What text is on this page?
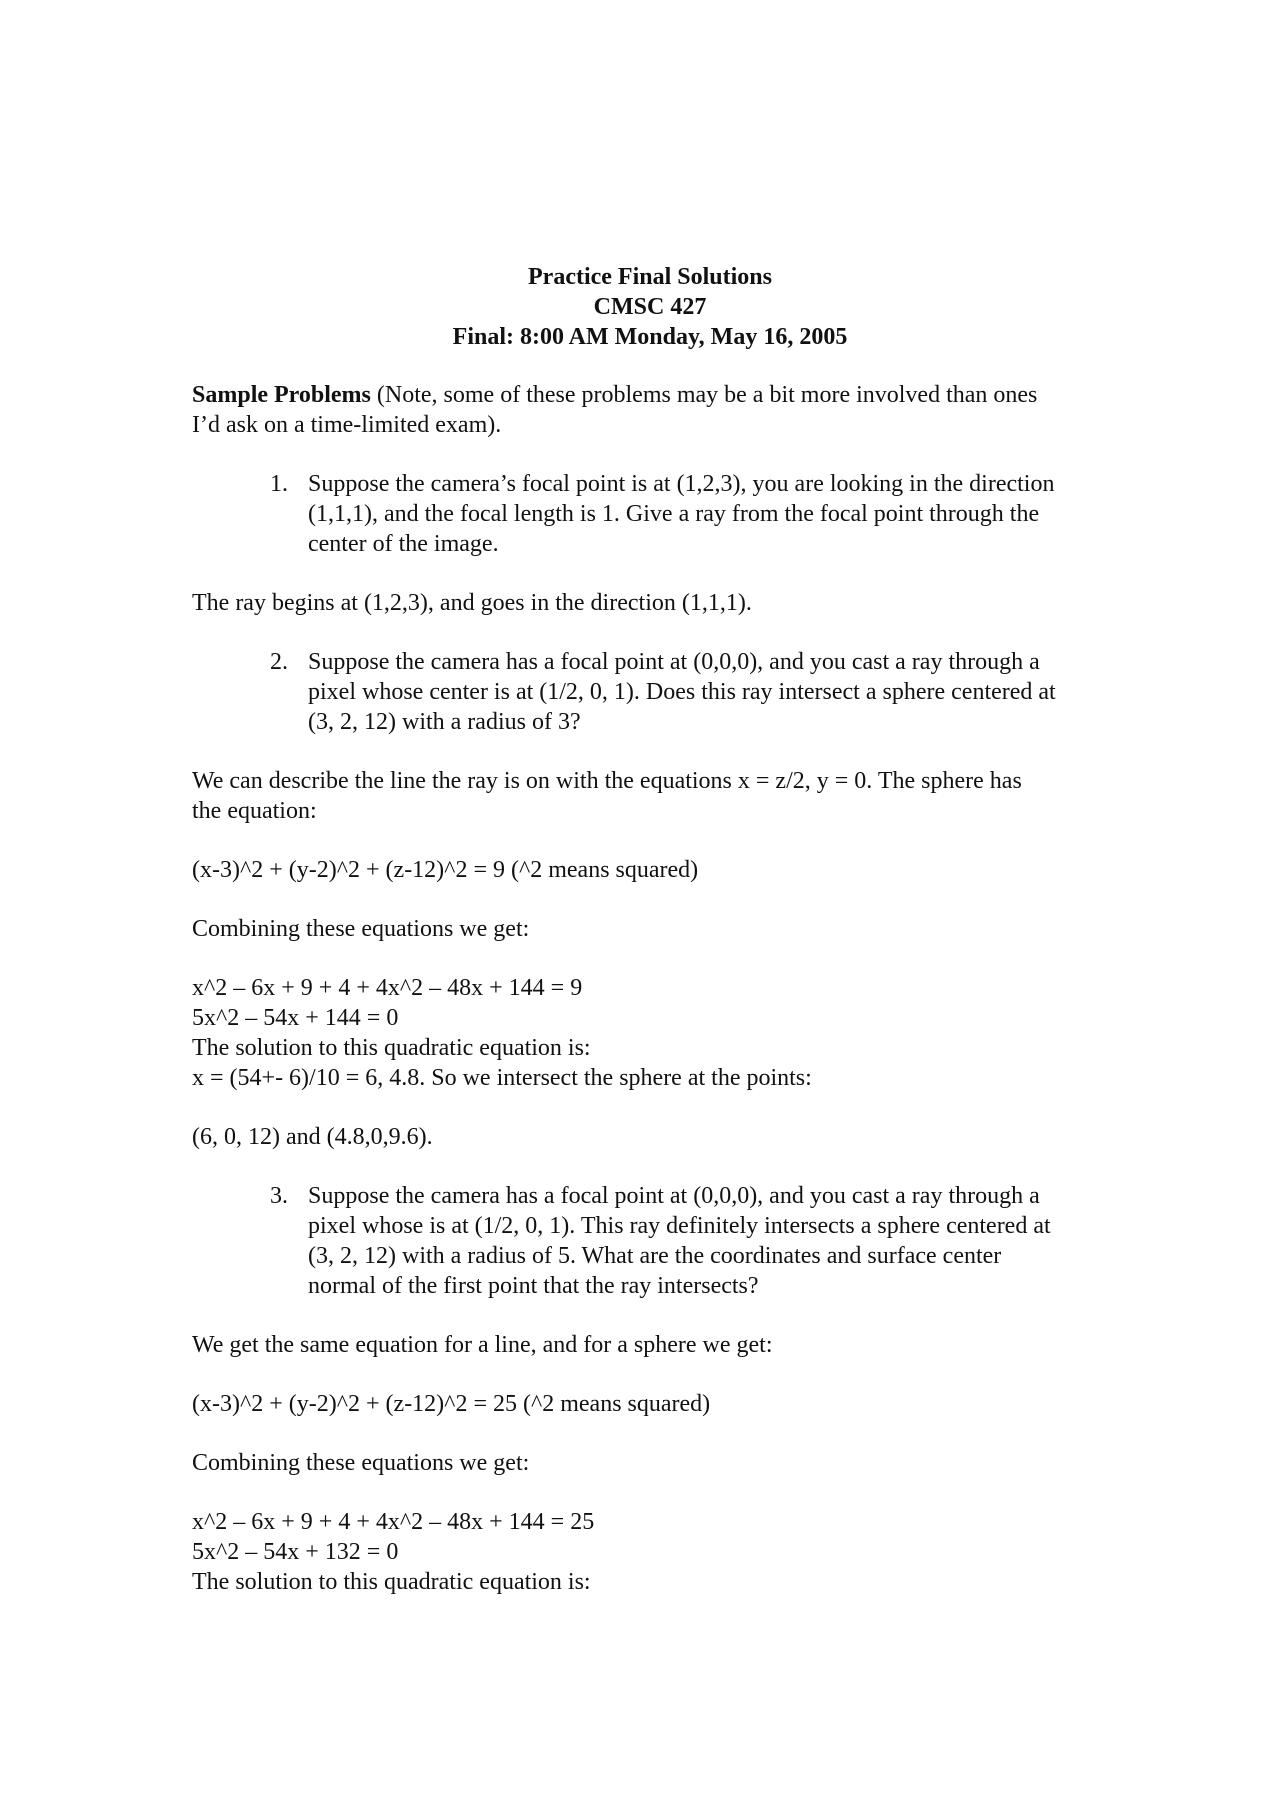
Practice Final Solutions
CMSC 427
Final: 8:00 AM Monday, May 16, 2005
Sample Problems (Note, some of these problems may be a bit more involved than ones
I’d ask on a time-limited exam).
1. Suppose the camera’s focal point is at (1,2,3), you are looking in the direction
(1,1,1), and the focal length is 1. Give a ray from the focal point through the
center of the image.
The ray begins at (1,2,3), and goes in the direction (1,1,1).
2. Suppose the camera has a focal point at (0,0,0), and you cast a ray through a
pixel whose center is at (1/2, 0, 1). Does this ray intersect a sphere centered at
(3, 2, 12) with a radius of 3?
We can describe the line the ray is on with the equations x = z/2, y = 0. The sphere has
the equation:
(x-3)^2 + (y-2)^2 + (z-12)^2 = 9 (^2 means squared)
Combining these equations we get:
x^2 – 6x + 9 + 4 + 4x^2 – 48x + 144 = 9
5x^2 – 54x + 144 = 0
The solution to this quadratic equation is:
x = (54+- 6)/10 = 6, 4.8. So we intersect the sphere at the points:
(6, 0, 12) and (4.8,0,9.6).
3. Suppose the camera has a focal point at (0,0,0), and you cast a ray through a
pixel whose is at (1/2, 0, 1). This ray definitely intersects a sphere centered at
(3, 2, 12) with a radius of 5. What are the coordinates and surface center
normal of the first point that the ray intersects?
We get the same equation for a line, and for a sphere we get:
(x-3)^2 + (y-2)^2 + (z-12)^2 = 25 (^2 means squared)
Combining these equations we get:
x^2 – 6x + 9 + 4 + 4x^2 – 48x + 144 = 25
5x^2 – 54x + 132 = 0
The solution to this quadratic equation is:
